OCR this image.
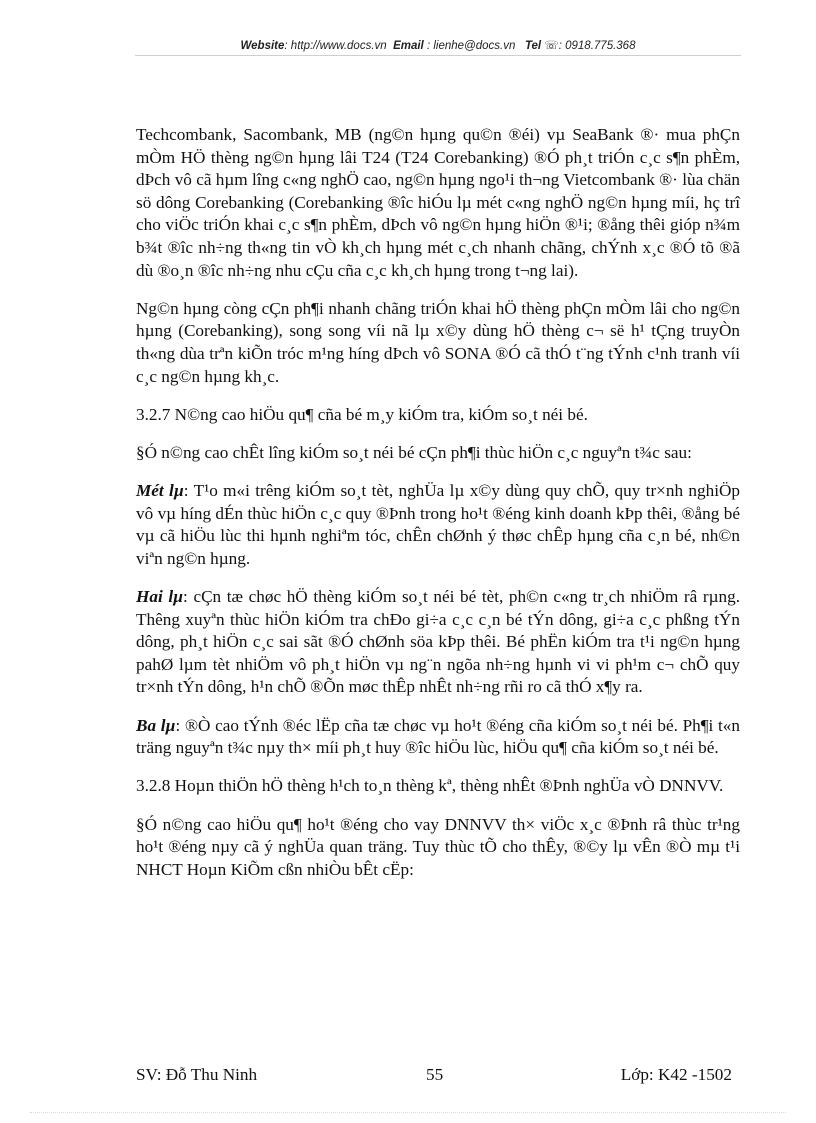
Website: http://www.docs.vn Email : lienhe@docs.vn Tel ☏: 0918.775.368

Techcombank, Sacombank, MB (ng©n hµng qu©n ®éi) vµ SeaBank ®· mua phÇn mÒm HÖ thèng ng©n hµng lâi T24 (T24 Corebanking) ®Ó ph¸t triÓn c¸c s¶n phÈm, dÞch vô cã hµm lîng c«ng nghÖ cao, ng©n hµng ngo¹i th¬ng Vietcombank ®· lùa chän sö dông Corebanking (Corebanking ®îc hiÓu lµ mét c«ng nghÖ ng©n hµng míi, hç trî cho viÖc triÓn khai c¸c s¶n phÈm, dÞch vô ng©n hµng hiÖn ®¹i; ®ång thêi gióp n¾m b¾t ®îc nh÷ng th«ng tin vÒ kh¸ch hµng mét c¸ch nhanh chãng, chÝnh x¸c ®Ó tõ ®ã dù ®o¸n ®îc nh÷ng nhu cÇu cña c¸c kh¸ch hµng trong t¬ng lai).

Ng©n hµng còng cÇn ph¶i nhanh chãng triÓn khai hÖ thèng phÇn mÒm lâi cho ng©n hµng (Corebanking), song song víi nã lµ x©y dùng hÖ thèng c¬ së h¹ tÇng truyÒn th«ng dùa trªn kiÕn tróc m¹ng híng dÞch vô SONA ®Ó cã thÓ t¨ng tÝnh c¹nh tranh víi c¸c ng©n hµng kh¸c.

3.2.7 N©ng cao hiÖu qu¶ cña bé m¸y kiÓm tra, kiÓm so¸t néi bé.

§Ó n©ng cao chÊt lîng kiÓm so¸t néi bé cÇn ph¶i thùc hiÖn c¸c nguyªn t¾c sau:

Mét lµ: T¹o m«i trêng kiÓm so¸t tèt, nghÜa lµ x©y dùng quy chÕ, quy tr×nh nghiÖp vô vµ híng dÉn thùc hiÖn c¸c quy ®Þnh trong ho¹t ®éng kinh doanh kÞp thêi, ®ång bé vµ cã hiÖu lùc thi hµnh nghiªm tóc, chÊn chØnh ý thøc chÊp hµng cña c¸n bé, nh©n viªn ng©n hµng.

Hai lµ: cÇn tæ chøc hÖ thèng kiÓm so¸t néi bé tèt, ph©n c«ng tr¸ch nhiÖm râ rµng. Thêng xuyªn thùc hiÖn kiÓm tra chÐo gi÷a c¸c c¸n bé tÝn dông, gi÷a c¸c phßng tÝn dông, ph¸t hiÖn c¸c sai sãt ®Ó chØnh söa kÞp thêi. Bé phËn kiÓm tra t¹i ng©n hµng pahØ lµm tèt nhiÖm vô ph¸t hiÖn vµ ng¨n ngõa nh÷ng hµnh vi vi ph¹m c¬ chÕ quy tr×nh tÝn dông, h¹n chÕ ®Õn møc thÊp nhÊt nh÷ng rñi ro cã thÓ x¶y ra.

Ba lµ: ®Ò cao tÝnh ®éc lËp cña tæ chøc vµ ho¹t ®éng cña kiÓm so¸t néi bé. Ph¶i t«n träng nguyªn t¾c nµy th× míi ph¸t huy ®îc hiÖu lùc, hiÖu qu¶ cña kiÓm so¸t néi bé.

3.2.8 Hoµn thiÖn hÖ thèng h¹ch to¸n thèng kª, thèng nhÊt ®Þnh nghÜa vÒ DNNVV.

§Ó n©ng cao hiÖu qu¶ ho¹t ®éng cho vay DNNVV th× viÖc x¸c ®Þnh râ thùc tr¹ng ho¹t ®éng nµy cã ý nghÜa quan träng. Tuy thùc tÕ cho thÊy, ®©y lµ vÊn ®Ò mµ t¹i NHCT Hoµn KiÕm cßn nhiÒu bÊt cËp:

SV: Đỗ Thu Ninh	55	Lớp: K42 -1502
